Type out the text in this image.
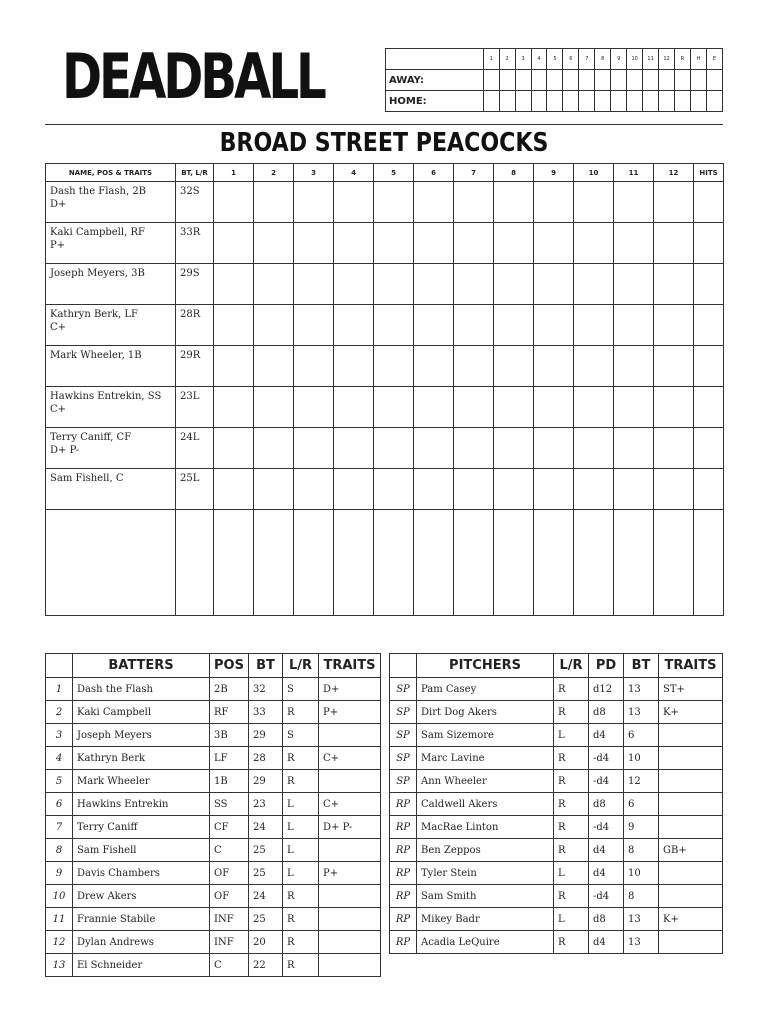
DEADBALL
		1	2	3	4	5	6	7	8	9	10	11	12	R	H	E
AWAY:															
HOME:															
BROAD STREET PEACOCKS
NAME, POS & TRAITS	BT, L/R	1	2	3	4	5	6	7	8	9	10	11	12	HITS

Dash the Flash, 2B
D+	32S													

Kaki Campbell, RF
P+	33R													

Joseph Meyers, 3B	29S													

Kathryn Berk, LF
C+	28R													

Mark Wheeler, 1B	29R													

Hawkins Entrekin, SS
C+	23L													

Terry Caniff, CF
D+ P-	24L													

Sam Fishell, C	25L													

	BATTERS	POS	BT	L/R	TRAITS
1	Dash the Flash	2B	32	S	D+
2	Kaki Campbell	RF	33	R	P+
3	Joseph Meyers	3B	29	S	
4	Kathryn Berk	LF	28	R	C+
5	Mark Wheeler	1B	29	R	
6	Hawkins Entrekin	SS	23	L	C+
7	Terry Caniff	CF	24	L	D+ P-
8	Sam Fishell	C	25	L	
9	Davis Chambers	OF	25	L	P+
10	Drew Akers	OF	24	R	
11	Frannie Stabile	INF	25	R	
12	Dylan Andrews	INF	20	R	
13	El Schneider	C	22	R	
	PITCHERS	L/R	PD	BT	TRAITS
SP	Pam Casey	R	d12	13	ST+
SP	Dirt Dog Akers	R	d8	13	K+
SP	Sam Sizemore	L	d4	6	
SP	Marc Lavine	R	-d4	10	
SP	Ann Wheeler	R	-d4	12	
RP	Caldwell Akers	R	d8	6	
RP	MacRae Linton	R	-d4	9	
RP	Ben Zeppos	R	d4	8	GB+
RP	Tyler Stein	L	d4	10	
RP	Sam Smith	R	-d4	8	
RP	Mikey Badr	L	d8	13	K+
RP	Acadia LeQuire	R	d4	13	
